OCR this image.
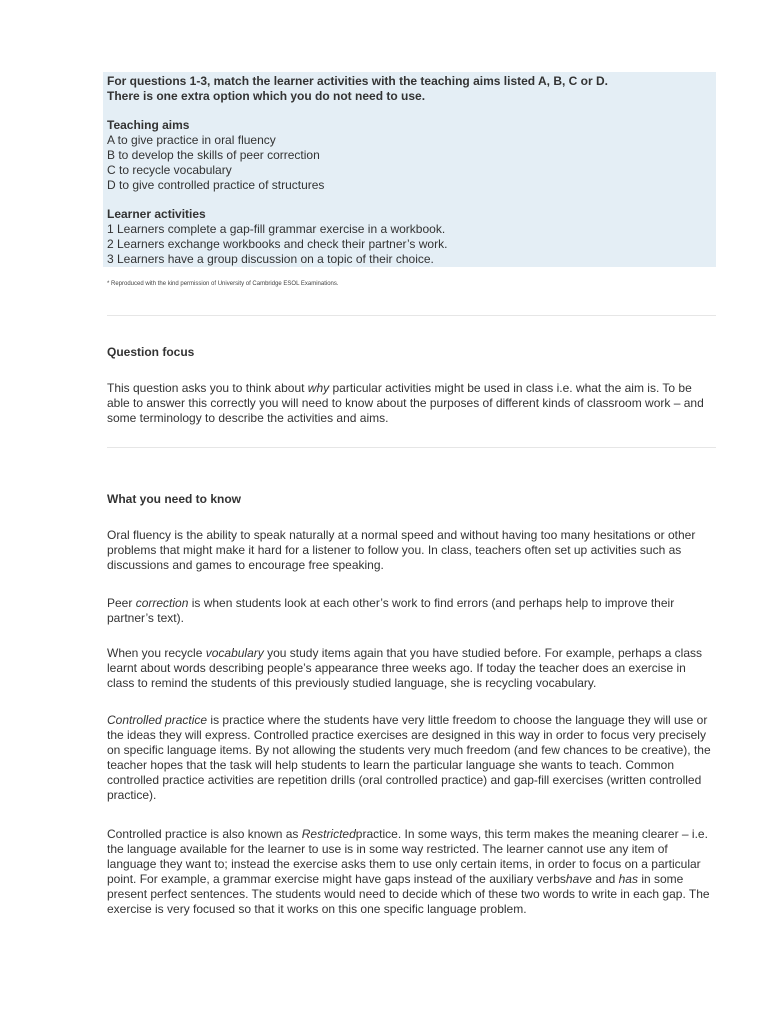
For questions 1-3, match the learner activities with the teaching aims listed A, B, C or D.

There is one extra option which you do not need to use.

Teaching aims

A to give practice in oral fluency

B to develop the skills of peer correction

C to recycle vocabulary

D to give controlled practice of structures

Learner activities

1 Learners complete a gap-fill grammar exercise in a workbook.

2 Learners exchange workbooks and check their partner’s work.

3 Learners have a group discussion on a topic of their choice.

* Reproduced with the kind permission of University of Cambridge ESOL Examinations.
Question focus

This question asks you to think about why particular activities might be used in class i.e. what the aim is. To be able to answer this correctly you will need to know about the purposes of different kinds of classroom work – and some terminology to describe the activities and aims.

What you need to know

Oral fluency is the ability to speak naturally at a normal speed and without having too many hesitations or other problems that might make it hard for a listener to follow you. In class, teachers often set up activities such as discussions and games to encourage free speaking.

Peer correction is when students look at each other’s work to find errors (and perhaps help to improve their partner’s text).

When you recycle vocabulary you study items again that you have studied before. For example, perhaps a class learnt about words describing people’s appearance three weeks ago. If today the teacher does an exercise in class to remind the students of this previously studied language, she is recycling vocabulary.

Controlled practice is practice where the students have very little freedom to choose the language they will use or the ideas they will express. Controlled practice exercises are designed in this way in order to focus very precisely on specific language items. By not allowing the students very much freedom (and few chances to be creative), the teacher hopes that the task will help students to learn the particular language she wants to teach. Common controlled practice activities are repetition drills (oral controlled practice) and gap-fill exercises (written controlled practice).

Controlled practice is also known as Restrictedpractice. In some ways, this term makes the meaning clearer – i.e. the language available for the learner to use is in some way restricted. The learner cannot use any item of language they want to; instead the exercise asks them to use only certain items, in order to focus on a particular point. For example, a grammar exercise might have gaps instead of the auxiliary verbshave and has in some present perfect sentences. The students would need to decide which of these two words to write in each gap. The exercise is very focused so that it works on this one specific language problem.
